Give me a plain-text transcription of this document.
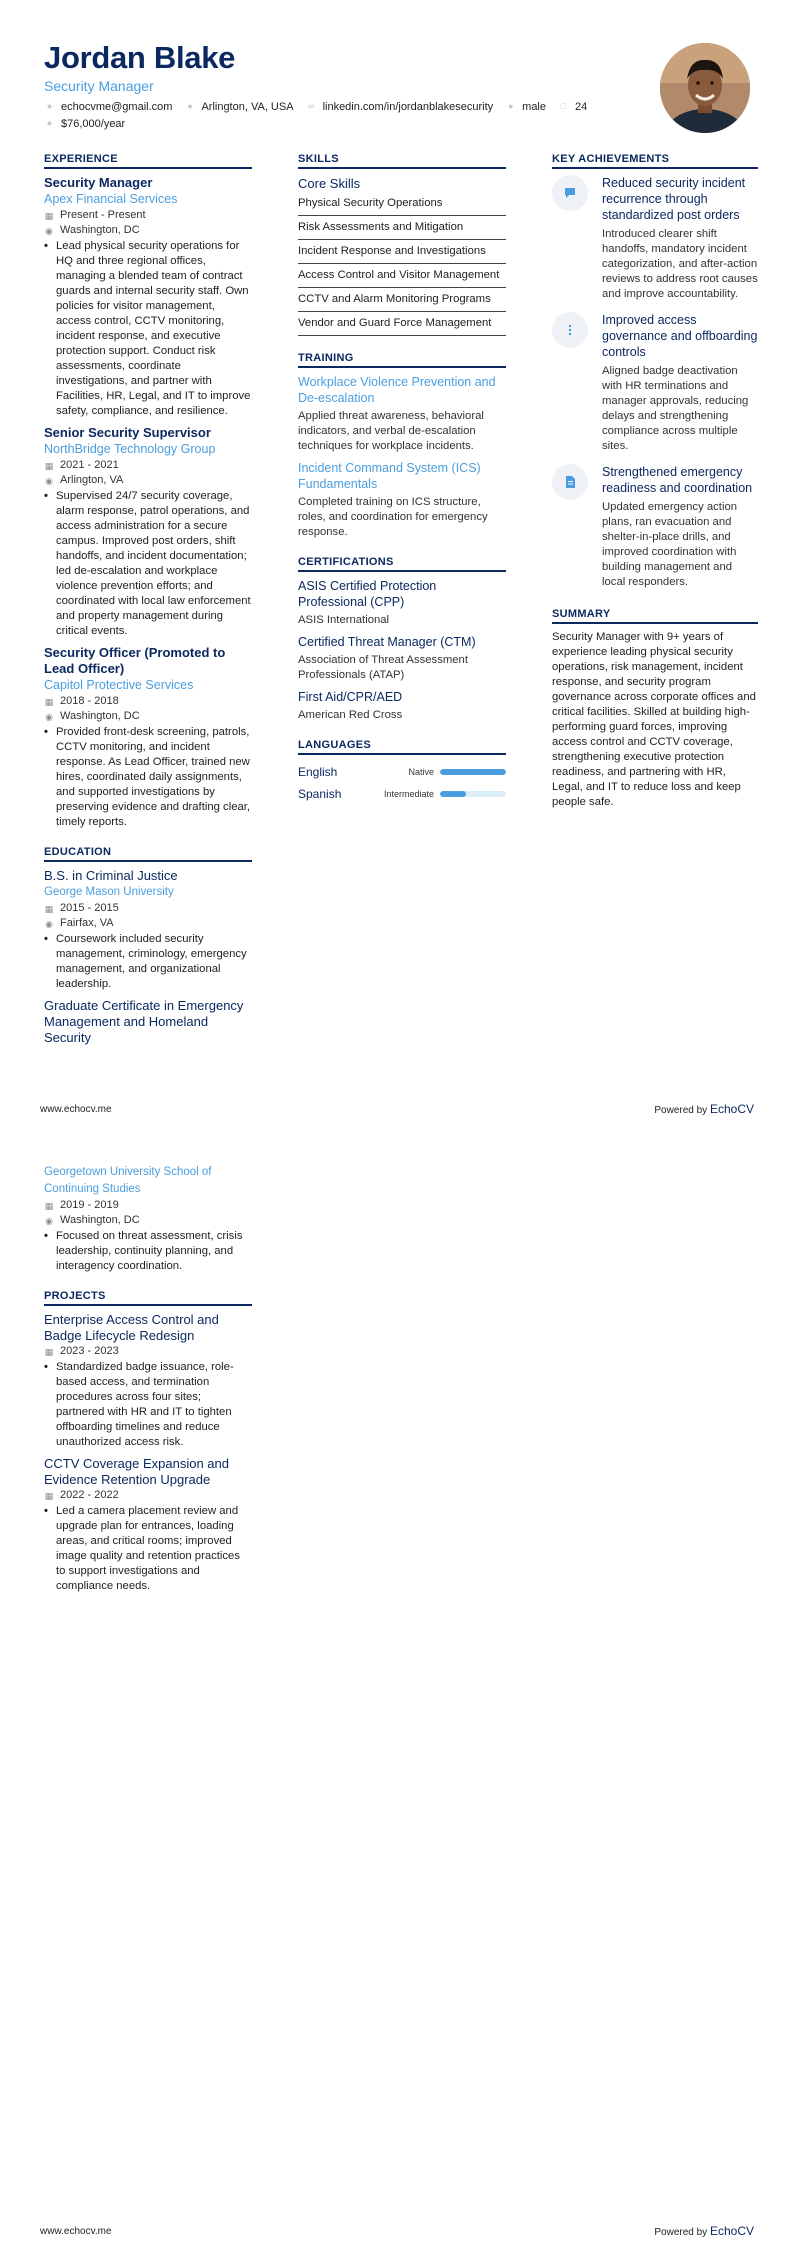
Jordan Blake
Security Manager
● echocvme@gmail.com	● Arlington, VA, USA ∞ linkedin.com/in/jordanblakesecurity	● male	□ 24
● $76,000/year
EXPERIENCE
Security Manager
Apex Financial Services
▦ Present - Present
◉ Washington, DC
• Lead physical security operations for HQ and three regional offices, managing a blended team of contract guards and internal security staff. Own policies for visitor management, access control, CCTV monitoring, incident response, and executive protection support. Conduct risk assessments, coordinate investigations, and partner with Facilities, HR, Legal, and IT to improve safety, compliance, and resilience.
Senior Security Supervisor
NorthBridge Technology Group
▦ 2021 - 2021
◉ Arlington, VA
• Supervised 24/7 security coverage, alarm response, patrol operations, and access administration for a secure campus. Improved post orders, shift handoffs, and incident documentation; led de-escalation and workplace violence prevention efforts; and coordinated with local law enforcement and property management during critical events.
Security Officer (Promoted to Lead Officer)
Capitol Protective Services
▦ 2018 - 2018
◉ Washington, DC
• Provided front-desk screening, patrols, CCTV monitoring, and incident response. As Lead Officer, trained new hires, coordinated daily assignments, and supported investigations by preserving evidence and drafting clear, timely reports.
EDUCATION
B.S. in Criminal Justice
George Mason University
▦ 2015 - 2015
◉ Fairfax, VA
• Coursework included security management, criminology, emergency management, and organizational leadership.
Graduate Certificate in Emergency Management and Homeland Security
SKILLS
Core Skills
Physical Security Operations
Risk Assessments and Mitigation
Incident Response and Investigations
Access Control and Visitor Management
CCTV and Alarm Monitoring Programs
Vendor and Guard Force Management
TRAINING
Workplace Violence Prevention and De-escalation
Applied threat awareness, behavioral indicators, and verbal de-escalation techniques for workplace incidents.
Incident Command System (ICS) Fundamentals
Completed training on ICS structure, roles, and coordination for emergency response.
CERTIFICATIONS
ASIS Certified Protection Professional (CPP)
ASIS International
Certified Threat Manager (CTM)
Association of Threat Assessment Professionals (ATAP)
First Aid/CPR/AED
American Red Cross
LANGUAGES
English	Native
Spanish	Intermediate
KEY ACHIEVEMENTS
Reduced security incident recurrence through standardized post orders
Introduced clearer shift handoffs, mandatory incident categorization, and after-action reviews to address root causes and improve accountability.
Improved access governance and offboarding controls
Aligned badge deactivation with HR terminations and manager approvals, reducing delays and strengthening compliance across multiple sites.
Strengthened emergency readiness and coordination
Updated emergency action plans, ran evacuation and shelter-in-place drills, and improved coordination with building management and local responders.
SUMMARY
Security Manager with 9+ years of experience leading physical security operations, risk management, incident response, and security program governance across corporate offices and critical facilities. Skilled at building high-performing guard forces, improving access control and CCTV coverage, strengthening executive protection readiness, and partnering with HR, Legal, and IT to reduce loss and keep people safe.
www.echocv.me	Powered by EchoCV
Georgetown University School of Continuing Studies
▦ 2019 - 2019
◉ Washington, DC
• Focused on threat assessment, crisis leadership, continuity planning, and interagency coordination.
PROJECTS
Enterprise Access Control and Badge Lifecycle Redesign
▦ 2023 - 2023
• Standardized badge issuance, role-based access, and termination procedures across four sites; partnered with HR and IT to tighten offboarding timelines and reduce unauthorized access risk.
CCTV Coverage Expansion and Evidence Retention Upgrade
▦ 2022 - 2022
• Led a camera placement review and upgrade plan for entrances, loading areas, and critical rooms; improved image quality and retention practices to support investigations and compliance needs.
www.echocv.me	Powered by EchoCV
